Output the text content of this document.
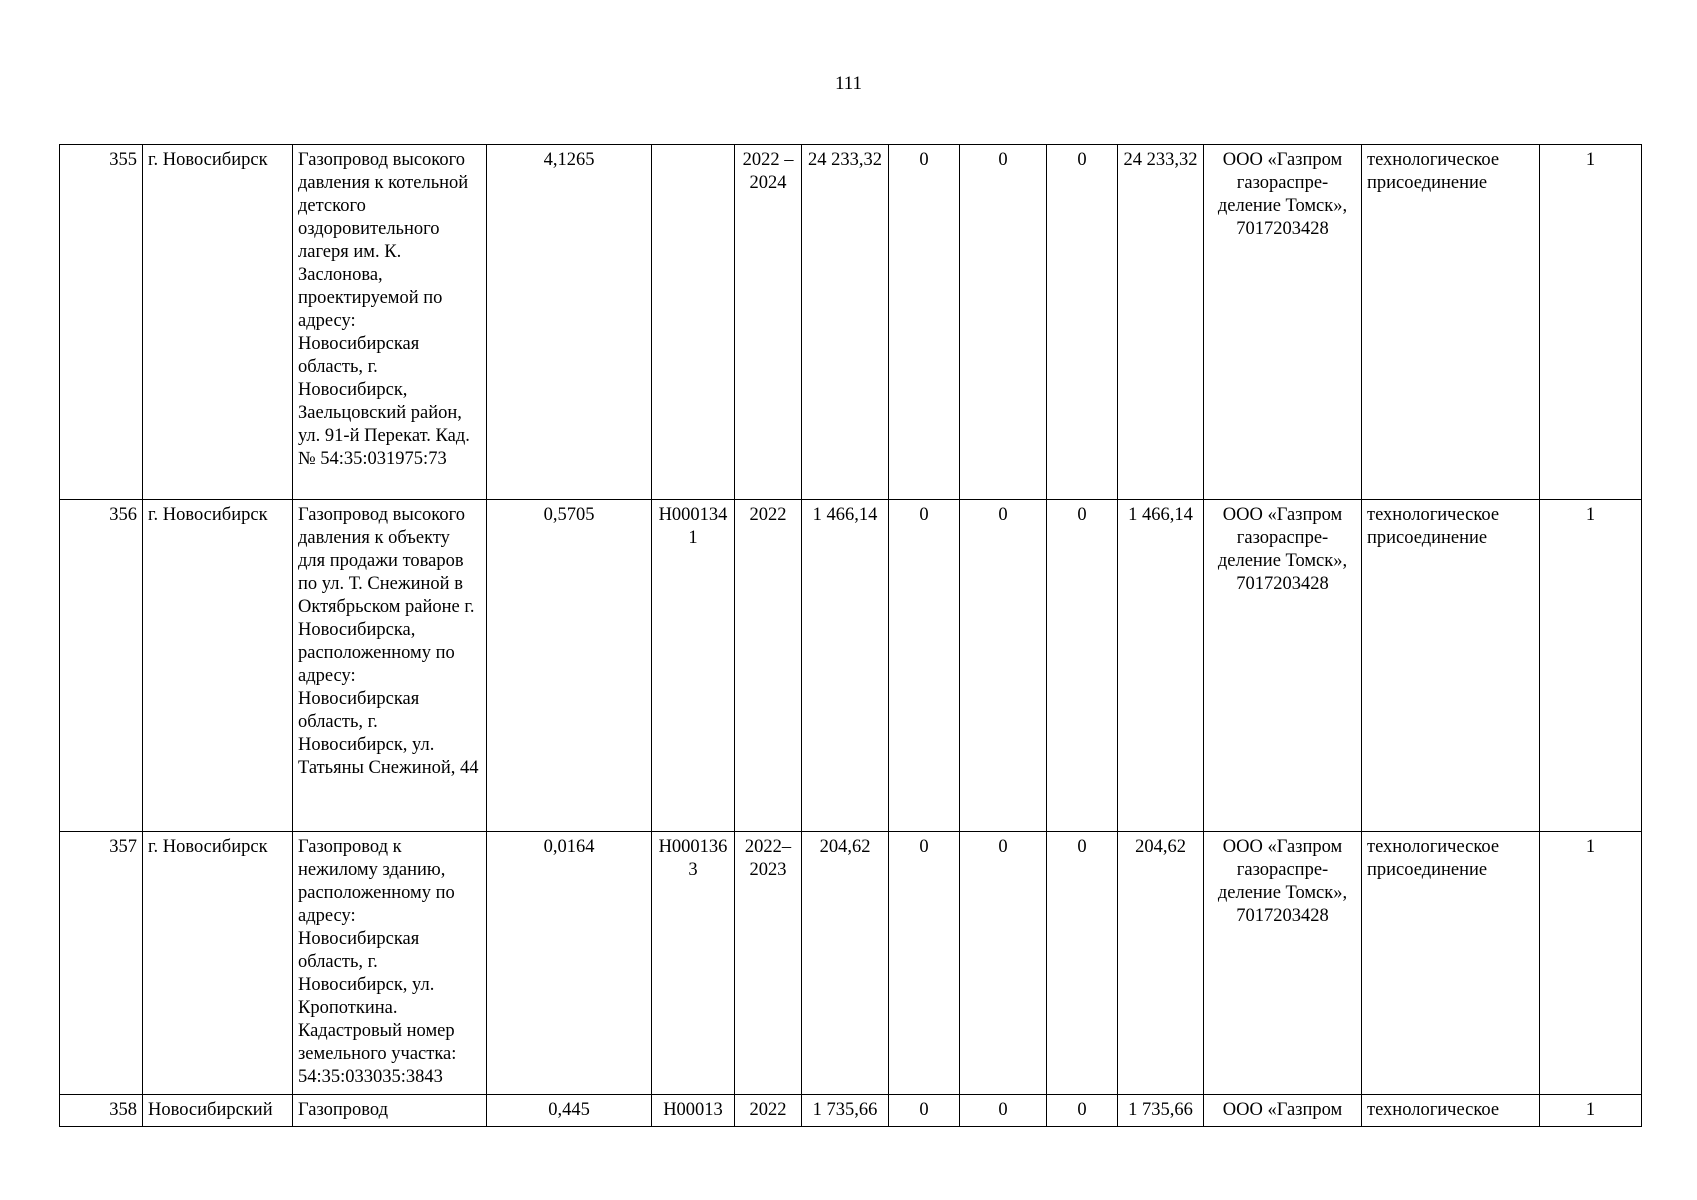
111
355	г. Новосибирск	Газопровод высокого давления к котельной детского оздоровительного лагеря им. К. Заслонова, проектируемой по адресу: Новосибирская область, г. Новосибирск, Заельцовский район, ул. 91-й Перекат. Кад. № 54:35:031975:73	4,1265		2022 – 2024	24 233,32	0	0	0	24 233,32	ООО «Газпром газораспре-деление Томск», 7017203428	технологическое присоединение	1
356	г. Новосибирск	Газопровод высокого давления к объекту для продажи товаров по ул. Т. Снежиной в Октябрьском районе г. Новосибирска, расположенному по адресу: Новосибирская область, г. Новосибирск, ул. Татьяны Снежиной, 44	0,5705	Н0001341	2022	1 466,14	0	0	0	1 466,14	ООО «Газпром газораспре-деление Томск», 7017203428	технологическое присоединение	1
357	г. Новосибирск	Газопровод к нежилому зданию, расположенному по адресу: Новосибирская область, г. Новосибирск, ул. Кропоткина. Кадастровый номер земельного участка: 54:35:033035:3843	0,0164	Н0001363	2022–2023	204,62	0	0	0	204,62	ООО «Газпром газораспре-деление Томск», 7017203428	технологическое присоединение	1
358	Новосибирский	Газопровод	0,445	Н00013	2022	1 735,66	0	0	0	1 735,66	ООО «Газпром	технологическое	1
